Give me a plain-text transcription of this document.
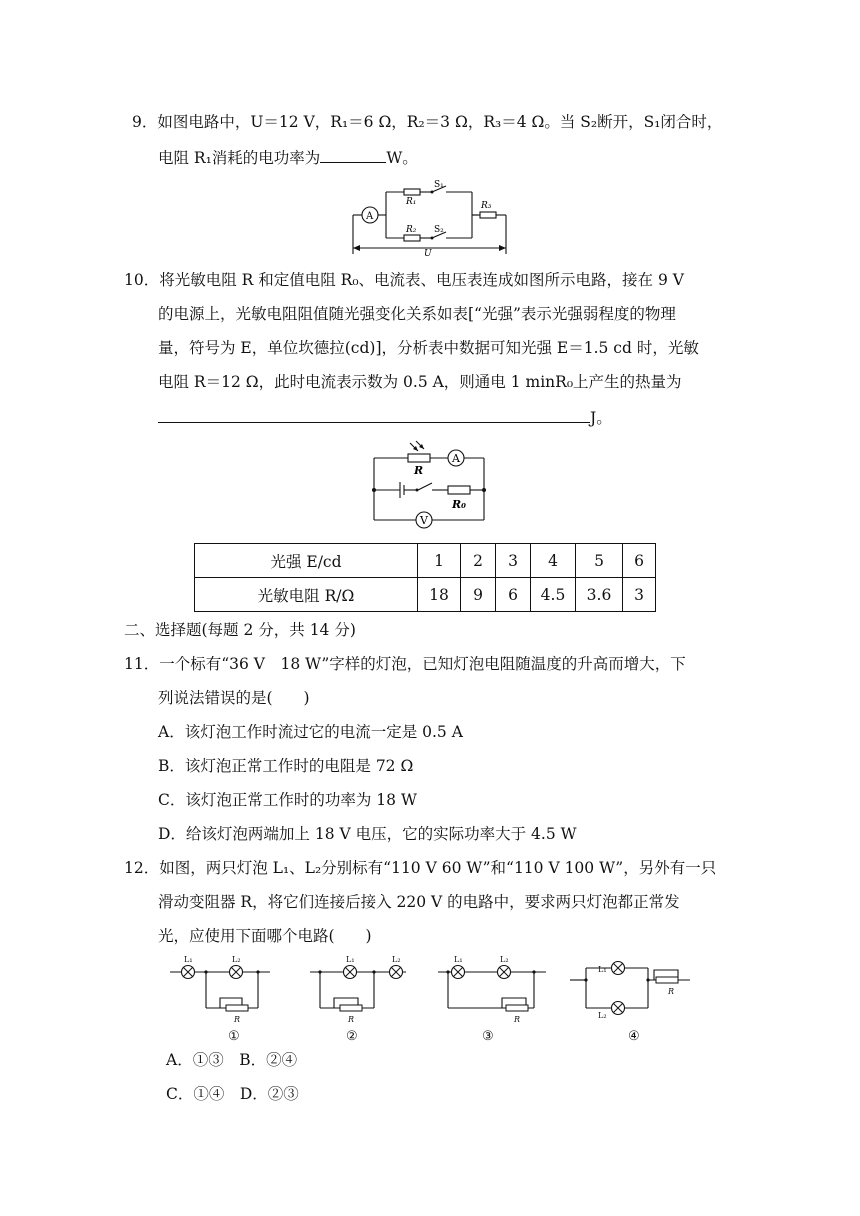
9．如图电路中，U＝12 V，R₁＝6 Ω，R₂＝3 Ω，R₃＝4 Ω。当 S₂断开，S₁闭合时，
电阻 R₁消耗的电功率为	W。
A
R₁
R₂
R₃
S₁
S₂
U
10．将光敏电阻 R 和定值电阻 R₀、电流表、电压表连成如图所示电路，接在 9 V
的电源上，光敏电阻阻值随光强变化关系如表[“光强”表示光强弱程度的物理
量，符号为 E，单位坎德拉(cd)]，分析表中数据可知光强 E＝1.5 cd 时，光敏
电阻 R＝12 Ω，此时电流表示数为 0.5 A，则通电 1 minR₀上产生的热量为
J。
A
V
R
R₀
光强 E/cd	1	2	3	4	5	6
光敏电阻 R/Ω	18	9	6	4.5	3.6	3
二、选择题(每题 2 分，共 14 分)
11．一个标有“36 V　18 W”字样的灯泡，已知灯泡电阻随温度的升高而增大，下
列说法错误的是(　　)
A．该灯泡工作时流过它的电流一定是 0.5 A
B．该灯泡正常工作时的电阻是 72 Ω
C．该灯泡正常工作时的功率为 18 W
D．给该灯泡两端加上 18 V 电压，它的实际功率大于 4.5 W
12．如图，两只灯泡 L₁、L₂分别标有“110 V 60 W”和“110 V 100 W”，另外有一只
滑动变阻器 R，将它们连接后接入 220 V 的电路中，要求两只灯泡都正常发
光，应使用下面哪个电路(　　)
L₁	L₂	L₁	L₂	L₁	L₂
L₁
L₂
R	R	R
R
①	②	③	④
A．①③　B．②④
C．①④　D．②③
